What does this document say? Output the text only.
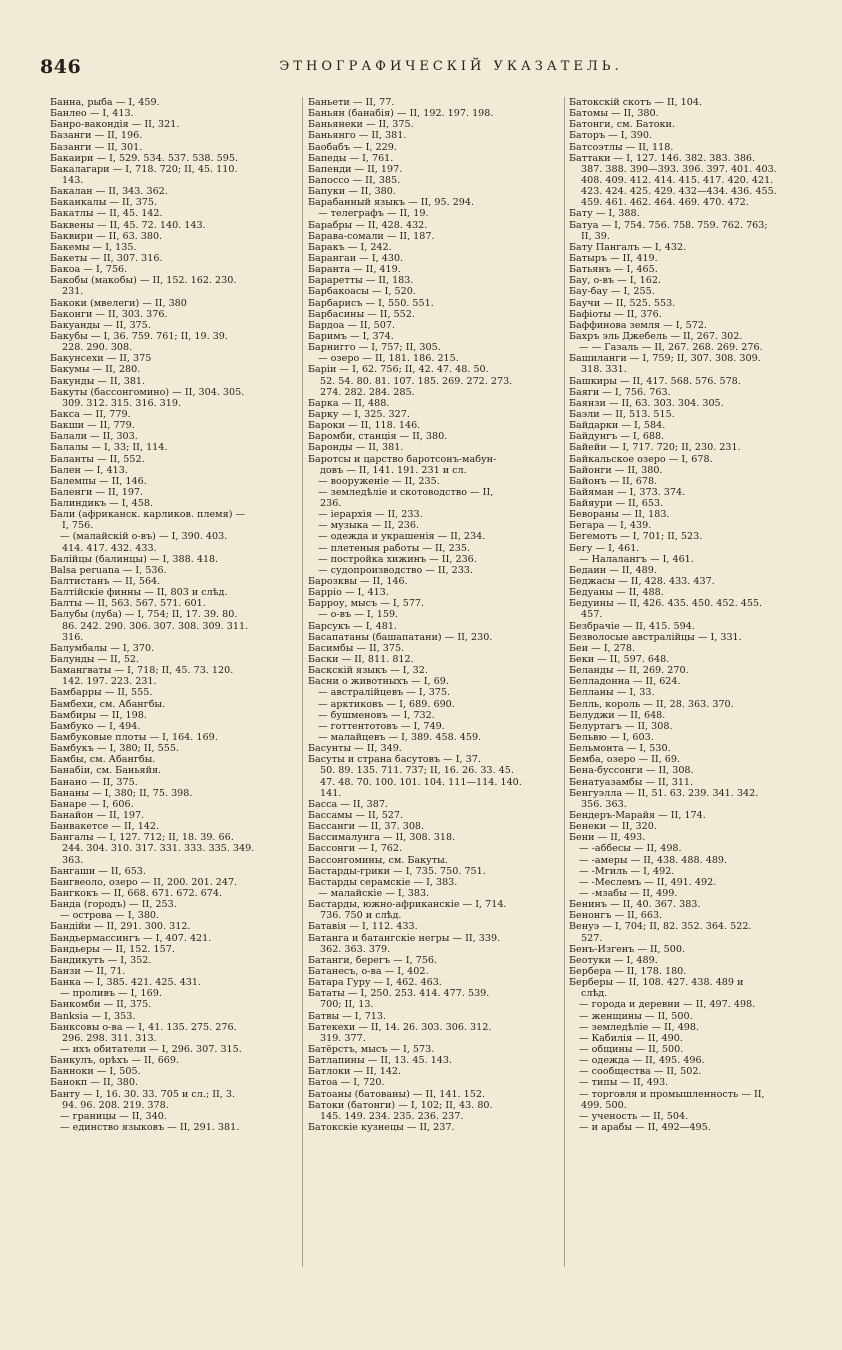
846	ЭТНОГРАФИЧЕСКІЙ УКАЗАТЕЛЬ.
Банна, рыба — I, 459.
Банлео — I, 413.
Банро-вакондія — II, 321.
Базанги — II, 196.
Базанги — II, 301.
Бакаири — I, 529. 534. 537. 538. 595.
Бакалагари — I, 718. 720; II, 45. 110.
143.
Бакалан — II, 343. 362.
Баканкалы — II, 375.
Бакатлы — II, 45. 142.
Баквены — II, 45. 72. 140. 143.
Баквири — II, 63. 380.
Бакемы — I, 135.
Бакеты — II, 307. 316.
Бакоа — I, 756.
Бакобы (макобы) — II, 152. 162. 230.
231.
Бакоки (мвелеги) — II, 380
Баконги — II, 303. 376.
Бакуанды — II, 375.
Бакубы — I, 36. 759. 761; II, 19. 39.
228. 290. 308.
Бакунсехи — II, 375
Бакумы — II, 280.
Бакунды — II, 381.
Бакуты (бассонгомино) — II, 304. 305.
309. 312. 315. 316. 319.
Бакса — II, 779.
Бакши — II, 779.
Балали — II, 303.
Балалы — I, 33; II, 114.
Баланты — II, 552.
Бален — I, 413.
Балемпы — II, 146.
Баленги — II, 197.
Балиндикъ — I, 458.
Бали (африканск. карликов. племя) —
I, 756.
— (малайскій о-въ) — I, 390. 403.
414. 417. 432. 433.
Балійцы (балинцы) — I, 388. 418.
Balsa peruana — I, 536.
Балтистанъ — II, 564.
Балтійскіе финны — II, 803 и слѣд.
Балты — II, 563. 567. 571. 601.
Балубы (луба) — I, 754; II, 17. 39. 80.
86. 242. 290. 306. 307. 308. 309. 311.
316.
Балумбалы — I, 370.
Балунды — II, 52.
Бамангваты — I, 718; II, 45. 73. 120.
142. 197. 223. 231.
Бамбарры — II, 555.
Бамбехи, см. Абангбы.
Бамбиры — II, 198.
Бамбуко — I, 494.
Бамбуковые плоты — I, 164. 169.
Бамбукъ — I, 380; II, 555.
Бамбы, см. Абангбы.
Банабіи, см. Баньяйя.
Банано — II, 375.
Бананы — I, 380; II, 75. 398.
Банаре — I, 606.
Банайон — II, 197.
Банвакетсе — II, 142.
Бангалы — I, 127. 712; II, 18. 39. 66.
244. 304. 310. 317. 331. 333. 335. 349.
363.
Бангаши — II, 653.
Бангвеоло, озеро — II, 200. 201. 247.
Бангкокъ — II, 668. 671. 672. 674.
Банда (городъ) — II, 253.
— острова — I, 380.
Бандійи — II, 291. 300. 312.
Бандьермассингъ — I, 407. 421.
Бандьеры — II, 152. 157.
Бандикутъ — I, 352.
Банзи — II, 71.
Банка — I, 385. 421. 425. 431.
— проливъ — I, 169.
Банкомби — II, 375.
Banksia — I, 353.
Банксовы о-ва — I, 41. 135. 275. 276.
296. 298. 311. 313.
— ихъ обитатели — I, 296. 307. 315.
Банкулъ, орѣхъ — II, 669.
Банноки — I, 505.
Банокп — II, 380.
Банту — I, 16. 30. 33. 705 и сл.; II, 3.
94. 96. 208. 219. 378.
— границы — II, 340.
— единство языковъ — II, 291. 381.
Баньети — II, 77.
Баньян (банабія) — II, 192. 197. 198.
Баньянеки — II, 375.
Баньянго — II, 381.
Баобабъ — I, 229.
Бапеды — I, 761.
Бапенди — II, 197.
Бапоссо — II, 385.
Бапуки — II, 380.
Барабанный языкъ — II, 95. 294.
— телеграфъ — II, 19.
Барабры — II, 428. 432.
Барава-сомали — II, 187.
Баракъ — I, 242.
Барангаи — I, 430.
Баранта — II, 419.
Бараретты — II, 183.
Барбакоасы — I, 520.
Барбарисъ — I, 550. 551.
Барбасины — II, 552.
Бардоа — II, 507.
Баримъ — I, 374.
Барнигго — I, 757; II, 305.
— озеро — II, 181. 186. 215.
Баріи — I, 62. 756; II, 42. 47. 48. 50.
52. 54. 80. 81. 107. 185. 269. 272. 273.
274. 282. 284. 285.
Барка — II, 488.
Барку — I, 325. 327.
Бароки — II, 118. 146.
Баромби, станція — II, 380.
Баронды — II, 381.
Баротсы и царство баротсонъ-мабун-
довъ — II, 141. 191. 231 и сл.
— вооруженіе — II, 235.
— земледѣліе и скотоводство — II,
236.
— іерархія — II, 233.
— музыка — II, 236.
— одежда и украшенія — II, 234.
— плетеныя работы — II, 235.
— постройка хижинъ — II, 236.
— судопроизводство — II, 233.
Барозквы — II, 146.
Барріо — I, 413.
Барроу, мысъ — I, 577.
— о-въ — I, 159.
Барсукъ — I, 481.
Басапатаны (башапатани) — II, 230.
Басимбы — II, 375.
Баски — II, 811. 812.
Баскскій языкъ — I, 32.
Басни о животныхъ — I, 69.
— австралійцевъ — I, 375.
— арктиковъ — I, 689. 690.
— бушменовъ — I, 732.
— готтентотовъ — I, 749.
— малайцевъ — I, 389. 458. 459.
Басунты — II, 349.
Басуты и страна басутовъ — I, 37.
50. 89. 135. 711. 737; II, 16. 26. 33. 45.
47. 48. 70. 100. 101. 104. 111—114. 140.
141.
Басса — II, 387.
Бассамы — II, 527.
Бассанги — II, 37. 308.
Бассималунга — II, 308. 318.
Бассонги — I, 762.
Бассонгомины, см. Бакуты.
Бастарды-грики — I, 735. 750. 751.
Бастарды серамскіе — I, 383.
— малайскіе — I, 383.
Бастарды, южно-африканскіе — I, 714.
736. 750 и слѣд.
Батавія — I, 112. 433.
Батанга и батангскіе негры — II, 339.
362. 363. 379.
Батанги, берегъ — I, 756.
Батанесъ, о-ва — I, 402.
Батара Гуру — I, 462. 463.
Бататы — I, 250. 253. 414. 477. 539.
700; II, 13.
Батвы — I, 713.
Батекехи — II, 14. 26. 303. 306. 312.
319. 377.
Батёрстъ, мысъ — I, 573.
Батлапины — II, 13. 45. 143.
Батлоки — II, 142.
Батоа — I, 720.
Батоаны (батованы) — II, 141. 152.
Батоки (батонги) — I, 102; II, 43. 80.
145. 149. 234. 235. 236. 237.
Батокскіе кузнецы — II, 237.
Батокскій скотъ — II, 104.
Батомы — II, 380.
Батонги, см. Батоки.
Баторъ — I, 390.
Батсоэтлы — II, 118.
Баттаки — I, 127. 146. 382. 383. 386.
387. 388. 390—393. 396. 397. 401. 403.
408. 409. 412. 414. 415. 417. 420. 421.
423. 424. 425. 429. 432—434. 436. 455.
459. 461. 462. 464. 469. 470. 472.
Бату — I, 388.
Батуа — I, 754. 756. 758. 759. 762. 763;
II, 39.
Бату Пангалъ — I, 432.
Батыръ — II, 419.
Батьянъ — I, 465.
Бау, о-въ — I, 162.
Бау-бау — I, 255.
Баучи — II, 525. 553.
Бафіоты — II, 376.
Баффинова земля — I, 572.
Бахръ эль Джебель — II, 267. 302.
— — Газаль — II, 267. 268. 269. 276.
Башиланги — I, 759; II, 307. 308. 309.
318. 331.
Башкиры — II, 417. 568. 576. 578.
Баяги — I, 756. 763.
Баянзи — II, 63. 303. 304. 305.
Баэли — II, 513. 515.
Байдарки — I, 584.
Байдунгъ — I, 688.
Байейи — I, 717. 720; II, 230. 231.
Байкальское озеро — I, 678.
Байонги — II, 380.
Байонъ — II, 678.
Байяман — I, 373. 374.
Байяури — II, 653.
Бевораны — II, 183.
Бегара — I, 439.
Бегемотъ — I, 701; II, 523.
Бегу — I, 461.
— Налалангъ — I, 461.
Бедаин — II, 489.
Беджасы — II, 428. 433. 437.
Бедуаны — II, 488.
Бедуины — II, 426. 435. 450. 452. 455.
457.
Безбрачіе — II, 415. 594.
Безволосые австралійцы — I, 331.
Беи — I, 278.
Беки — II, 597. 648.
Беланды — II, 269. 270.
Белладонна — II, 624.
Белланы — I, 33.
Белль, король — II, 28. 363. 370.
Белуджи — II, 648.
Белуртагъ — II, 308.
Бельвю — I, 603.
Бельмонта — I, 530.
Бемба, озеро — II, 69.
Бена-буссонги — II, 308.
Бенатуазамбы — II, 311.
Бенгуэлла — II, 51. 63. 239. 341. 342.
356. 363.
Бендеръ-Марайя — II, 174.
Бенеки — II, 320.
Бени — II, 493.
— -аббесы — II, 498.
— -амеры — II, 438. 488. 489.
— -Мгиль — I, 492.
— -Меслемъ — II, 491. 492.
— -мзабы — II, 499.
Бенинъ — II, 40. 367. 383.
Бенонгъ — II, 663.
Венуэ — I, 704; II, 82. 352. 364. 522.
527.
Бенъ-Изгенъ — II, 500.
Беотуки — I, 489.
Бербера — II, 178. 180.
Берберы — II, 108. 427. 438. 489 и
слѣд.
— города и деревни — II, 497. 498.
— женщины — II, 500.
— земледѣліе — II, 498.
— Кабилія — II, 490.
— общины — II, 500.
— одежда — II, 495. 496.
— сообщества — II, 502.
— типы — II, 493.
— торговля и промышленность — II,
499. 500.
— ученость — II, 504.
— и арабы — II, 492—495.
